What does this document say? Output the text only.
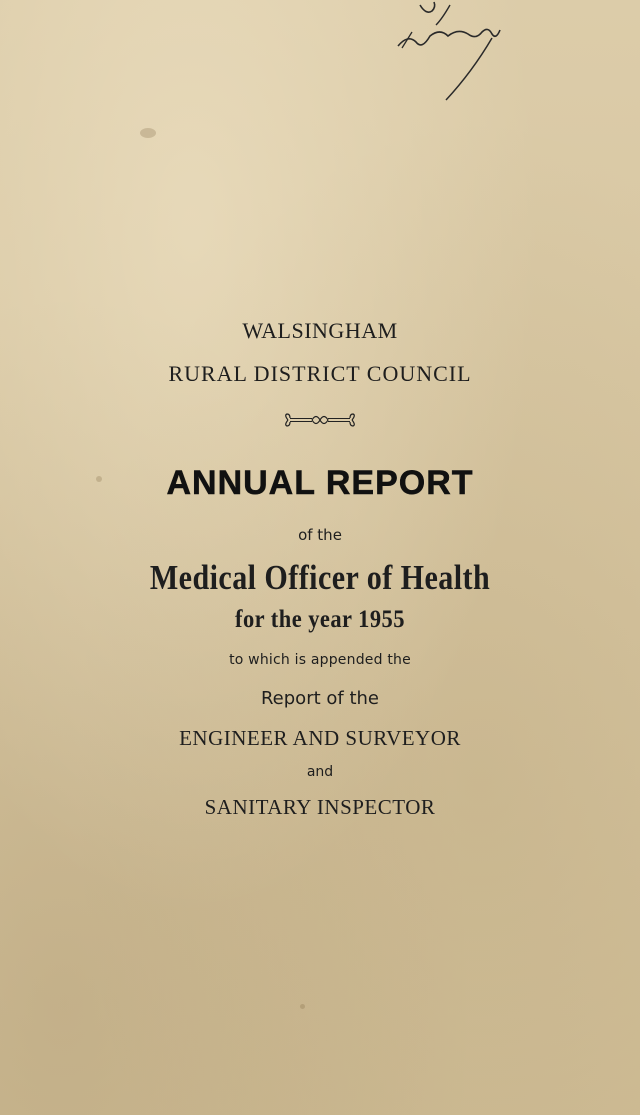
WALSINGHAM
RURAL DISTRICT COUNCIL
ANNUAL REPORT
of the
Medical Officer of Health
for the year 1955
to which is appended the
Report of the
ENGINEER AND SURVEYOR
and
SANITARY INSPECTOR
